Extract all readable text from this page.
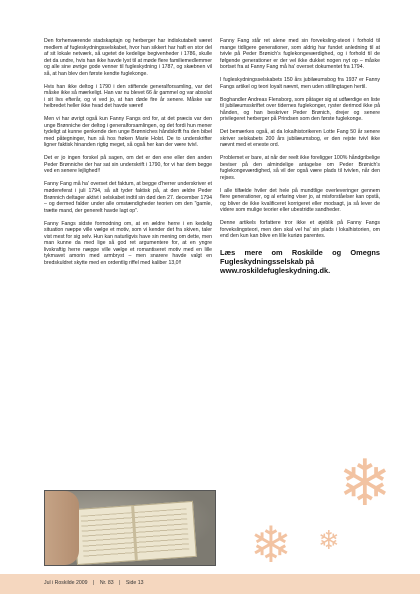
Den forhenværende stadskaptajn og herberger har indiskutabelt været medlem af fugleskydningsselskabet, hvor han sikkert har haft en stor del af sit lokale netværk, så ugetet de kedelige begivenheder i 1786, skulle det da undre, hvis han ikke havde lyst til at møde flere familiemedlemmer og alle sine øvrige gode venner til fugleskydning i 1787, og skæbnen vil så, at han blev den første kendte fuglekonge.

Hvis han ikke deltog i 1790 i den stiftende generalforsamling, var det måske ikke så mærkeligt. Han var nu blevet 66 år gammel og var absolut i sit livs efterår, og vi ved jo, at han døde fire år senere. Måske var helbredet heller ikke hvad det havde været!

Men vi har øvrigt også kun Fanny Fangs ord for, at det præcis var den unge Brønniche der deltog i generalforsamlingen, og det fordi hun mener tydeligt at kunne genkende den unge Brønniches håndskrift fra den bibel med påtegninger, hun så hos frøken Marie Holst. De to underskrifter ligner faktisk hinanden rigtig meget, så også her kan der være tvivl.

Det er jo ingen forskel på sagen, om det er den ene eller den anden Peder Brønniche der har sat sin underskrift i 1790, for vi har dem begge ved en senere lejlighed!!

Fanny Fang må ha' overset det faktum, at begge d'herrer underskriver et mødereferat i juli 1794, så alt tyder faktisk på, at den ældre Peder Brønnich deltager aktivt i selskabet indtil sin død den 27. december 1794 – og dermed falder under alle omstændigheder teorien om den "gamle, trætte mand, der generelt havde lagt op".

Fanny Fangs sidste formodning om, at en ældre herre i en kedelig situation næppe ville vælge et motiv, som vi kender det fra skiven, taler vist mest for sig selv. Hun kan naturligvis have sin mening om dette, men man kunne da med lige så god ret argumentere for, at en yngre livskraftig herre næppe ville vælge et romantiseret motiv med en lille tykmavet amorin med armbryst – men snarere havde valgt en bredskuldret skytte med en ordentlig riffel med kaliber 13,0!!

Fanny Fang står ret alene med sin forveksling-steori i forhold til mange tidligere generationer, som aldrig har fundet anledning til at tvivle på Peder Brønich's fuglekongeværdighed, og i forhold til de følgende generationer er der vel ikke dukket nogen nyt op – måske bortset fra at Fanny Fang må ha' overset dokumentet fra 1794.

I fugleskydningsselskabets 150 års jubilæumsbog fra 1937 er Fanny Fangs artikel og teori loyalt nævnt, men uden stillingtagen hertil.

Boghandler Andreas Flensborg, som påtager sig at udfærdige en liste til jubilæumsskriftet over tidernes fuglekonger, ryster derimod ikke på hånden, og han beskriver Peder Brønich, drejer og senere privilegeret herberger på Prindsen som den første fuglekonge.

Det bemærkes også, at da lokalhistorikeren Lotte Fang 50 år senere skriver selskabets 200 års jubilæumsbog, er den rejste tvivl ikke nævnt med et eneste ord.

Problemet er bare, at når der reelt ikke foreligger 100% håndgribelige beviser på den almindelige antagelse om Peder Brønich's fuglekongeværdighed, så vil der også være plads til tvivlen, når den rejses.

I alle tilfælde hviler det hele på mundtlige overleveringer gennem flere generationer, og al erfaring viser jo, at misforståelser kan opstå, og bliver de ikke kvalificeret korrigeret eller modsagt, ja så lever de videre som mulige teorier eller ubestridte sandheder.

Denne artikels forfattere tror ikke et øjeblik på Fanny Fangs forvekslingsteori, men den skal vel ha' sin plads i lokalhistorien, om end den kun kan blive en lille kuriøs parentes.

Læs mere om Roskilde og Omegns Fugleskydningsselskab på
www.roskildefugleskydning.dk.
❄
❄ ❄
Jul i Roskilde 2009 | Nr. 83 | Side 13
